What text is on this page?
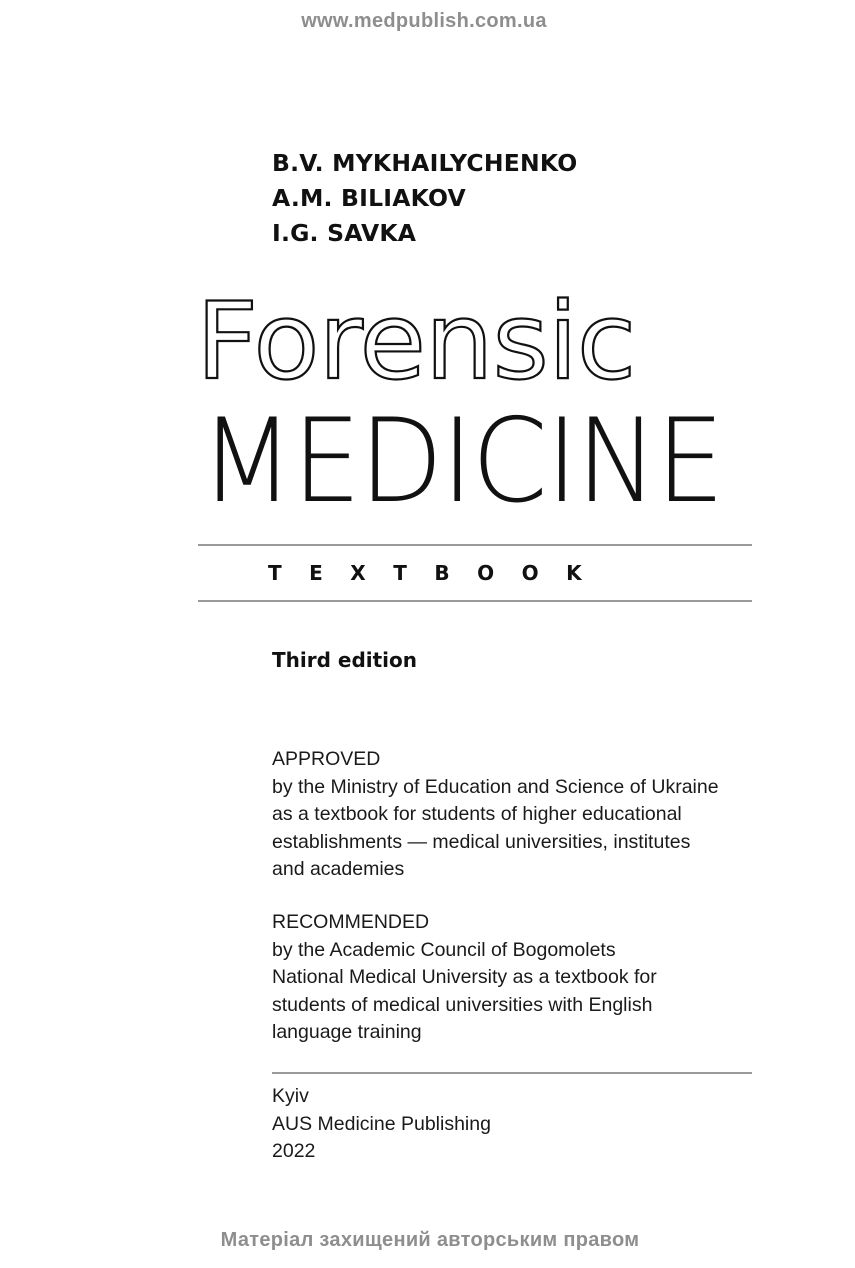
www.medpublish.com.ua
B.V. MYKHAILYCHENKO
A.M. BILIAKOV
I.G. SAVKA
Forensic
MEDICINE
TEXTBOOK
Third edition
APPROVED
by the Ministry of Education and Science of Ukraine
as a textbook for students of higher educational
establishments — medical universities, institutes
and academies
RECOMMENDED
by the Academic Council of Bogomolets
National Medical University as a textbook for
students of medical universities with English
language training
Kyiv
AUS Medicine Publishing
2022
Матеріал захищений авторським правом
